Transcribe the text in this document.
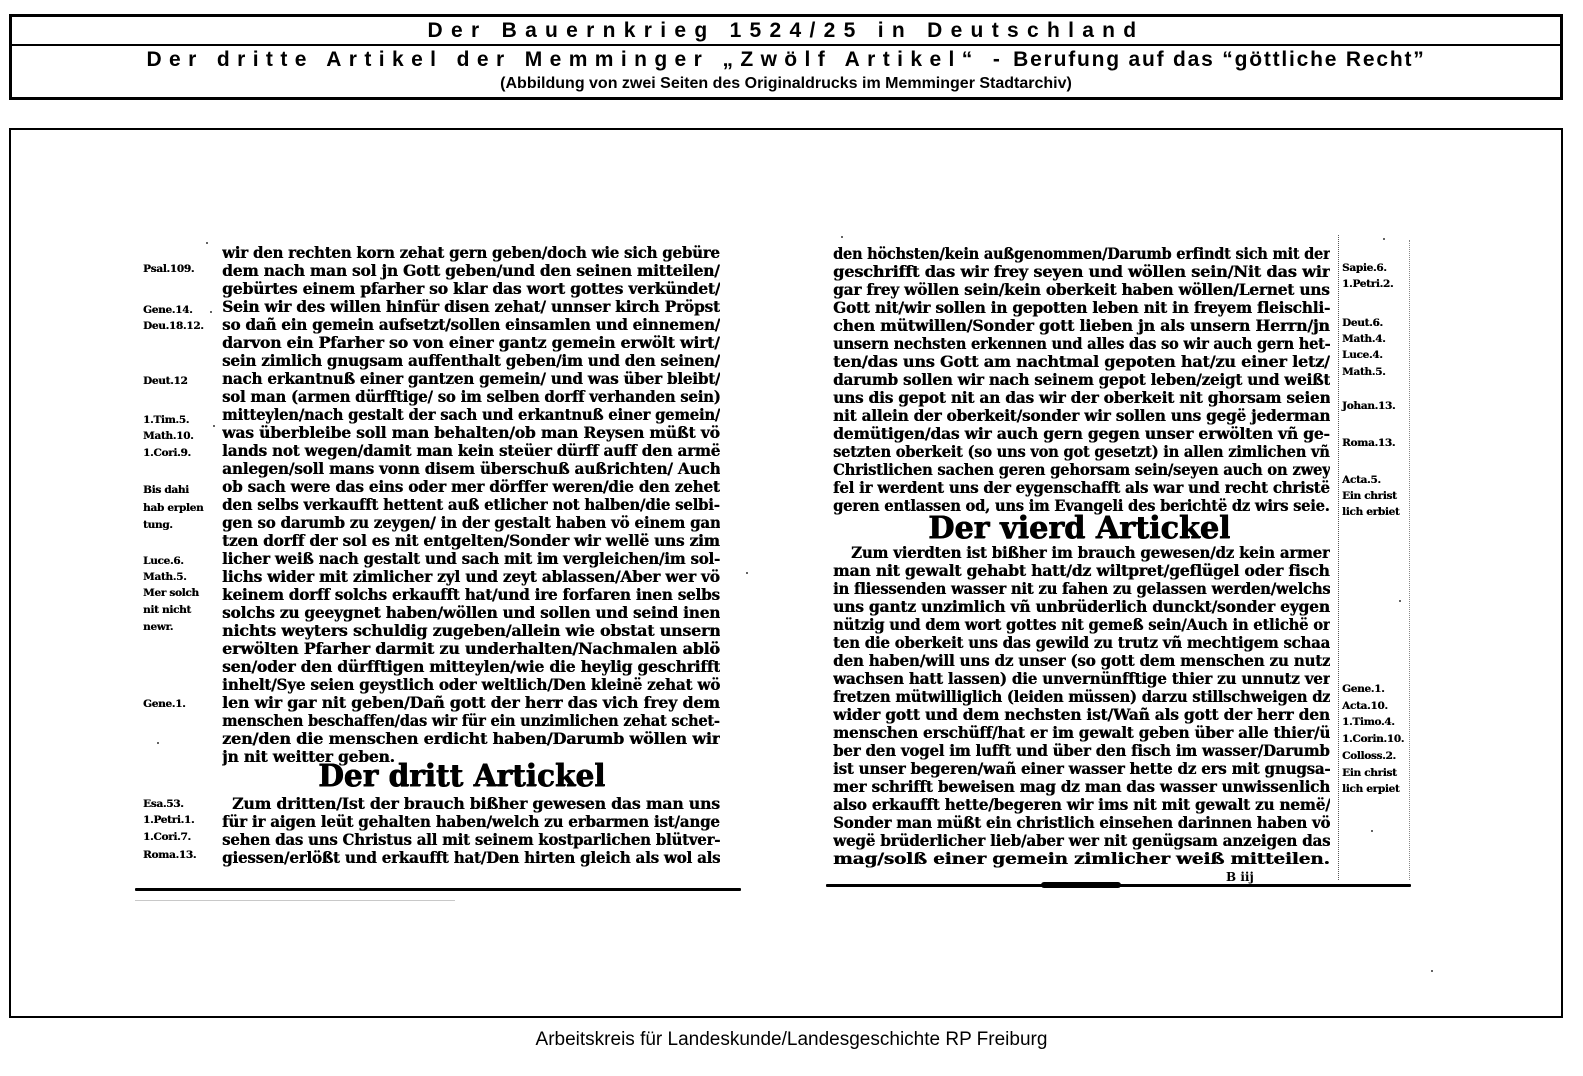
Der Bauernkrieg 1524/25 in Deutschland
Der dritte Artikel der Memminger „Zwölf Artikel“ - Berufung auf das “göttliche Recht”
(Abbildung von zwei Seiten des Originaldrucks im Memminger Stadtarchiv)
wir den rechten korn zehat gern geben/doch wie sich gebüre
dem nach man sol jn Gott geben/und den seinen mitteilen/
gebürtes einem pfarher so klar das wort gottes verkündet/
Sein wir des willen hinfür disen zehat/ unnser kirch Pröpst
so dañ ein gemein aufsetzt/sollen einsamlen und einnemen/
darvon ein Pfarher so von einer gantz gemein erwölt wirt/
sein zimlich gnugsam auffenthalt geben/im und den seinen/
nach erkantnuß einer gantzen gemein/ und was über bleibt/
sol man (armen dürfftige/ so im selben dorff verhanden sein)
mitteylen/nach gestalt der sach und erkantnuß einer gemein/
was überbleibe soll man behalten/ob man Reysen müßt vö
lands not wegen/damit man kein steüer dürff auff den armë
anlegen/soll mans vonn disem überschuß außrichten/ Auch
ob sach were das eins oder mer dörffer weren/die den zehet
den selbs verkaufft hettent auß etlicher not halben/die selbi-
gen so darumb zu zeygen/ in der gestalt haben vö einem gan
tzen dorff der sol es nit entgelten/Sonder wir wellë uns zim
licher weiß nach gestalt und sach mit im vergleichen/im sol-
lichs wider mit zimlicher zyl und zeyt ablassen/Aber wer vö
keinem dorff solchs erkaufft hat/und ire forfaren inen selbs
solchs zu geeygnet haben/wöllen und sollen und seind inen
nichts weyters schuldig zugeben/allein wie obstat unsern
erwölten Pfarher darmit zu underhalten/Nachmalen ablö
sen/oder den dürfftigen mitteylen/wie die heylig geschrifft
inhelt/Sye seien geystlich oder weltlich/Den kleinë zehat wö
len wir gar nit geben/Dañ gott der herr das vich frey dem
menschen beschaffen/das wir für ein unzimlichen zehat schet-
zen/den die menschen erdicht haben/Darumb wöllen wir
jn nit weitter geben.
Der dritt Artickel
Zum dritten/Ist der brauch bißher gewesen das man uns
für ir aigen leüt gehalten haben/welch zu erbarmen ist/ange
sehen das uns Christus all mit seinem kostparlichen blütver-
giessen/erlößt und erkaufft hat/Den hirten gleich als wol als
Psal.109.
Gene.14.
Deu.18.12.
Deut.12
1.Tim.5.
Math.10.
1.Cori.9.
Bis dahi
hab erplen
tung.
Luce.6.
Math.5.
Mer solch
nit nicht
newr.
Gene.1.
Esa.53.
1.Petri.1.
1.Cori.7.
Roma.13.
den höchsten/kein außgenommen/Darumb erfindt sich mit der
geschrifft das wir frey seyen und wöllen sein/Nit das wir
gar frey wöllen sein/kein oberkeit haben wöllen/Lernet uns
Gott nit/wir sollen in gepotten leben nit in freyem fleischli-
chen mütwillen/Sonder gott lieben jn als unsern Herrn/jn
unsern nechsten erkennen und alles das so wir auch gern het-
ten/das uns Gott am nachtmal gepoten hat/zu einer letz/
darumb sollen wir nach seinem gepot leben/zeigt und weißt
uns dis gepot nit an das wir der oberkeit nit ghorsam seien
nit allein der oberkeit/sonder wir sollen uns gegë jederman
demütigen/das wir auch gern gegen unser erwölten vñ ge-
setzten oberkeit (so uns von got gesetzt) in allen zimlichen vñ
Christlichen sachen geren gehorsam sein/seyen auch on zwey
fel ir werdent uns der eygenschafft als war und recht christë
geren entlassen od, uns im Evangeli des berichtë dz wirs seie.
Der vierd Artickel
Zum vierdten ist bißher im brauch gewesen/dz kein armer
man nit gewalt gehabt hatt/dz wiltpret/geflügel oder fisch
in fliessenden wasser nit zu fahen zu gelassen werden/welchs
uns gantz unzimlich vñ unbrüderlich dunckt/sonder eygen
nützig und dem wort gottes nit gemeß sein/Auch in etlichë or
ten die oberkeit uns das gewild zu trutz vñ mechtigem schaa
den haben/will uns dz unser (so gott dem menschen zu nutz
wachsen hatt lassen) die unvernünfftige thier zu unnutz ver
fretzen mütwilliglich (leiden müssen) darzu stillschweigen dz
wider gott und dem nechsten ist/Wañ als gott der herr den
menschen erschüff/hat er im gewalt geben über alle thier/ü
ber den vogel im lufft und über den fisch im wasser/Darumb
ist unser begeren/wañ einer wasser hette dz ers mit gnugsa-
mer schrifft beweisen mag dz man das wasser unwissenlich
also erkaufft hette/begeren wir ims nit mit gewalt zu nemë/
Sonder man müßt ein christlich einsehen darinnen haben vö
wegë brüderlicher lieb/aber wer nit genügsam anzeigen das
mag/solß einer gemein zimlicher weiß mitteilen.
Sapie.6.
1.Petri.2.
Deut.6.
Math.4.
Luce.4.
Math.5.
Johan.13.
Roma.13.
Acta.5.
Ein christ
lich erbiet
Gene.1.
Acta.10.
1.Timo.4.
1.Corin.10.
Colloss.2.
Ein christ
lich erpiet
B iij
Arbeitskreis für Landeskunde/Landesgeschichte RP Freiburg
